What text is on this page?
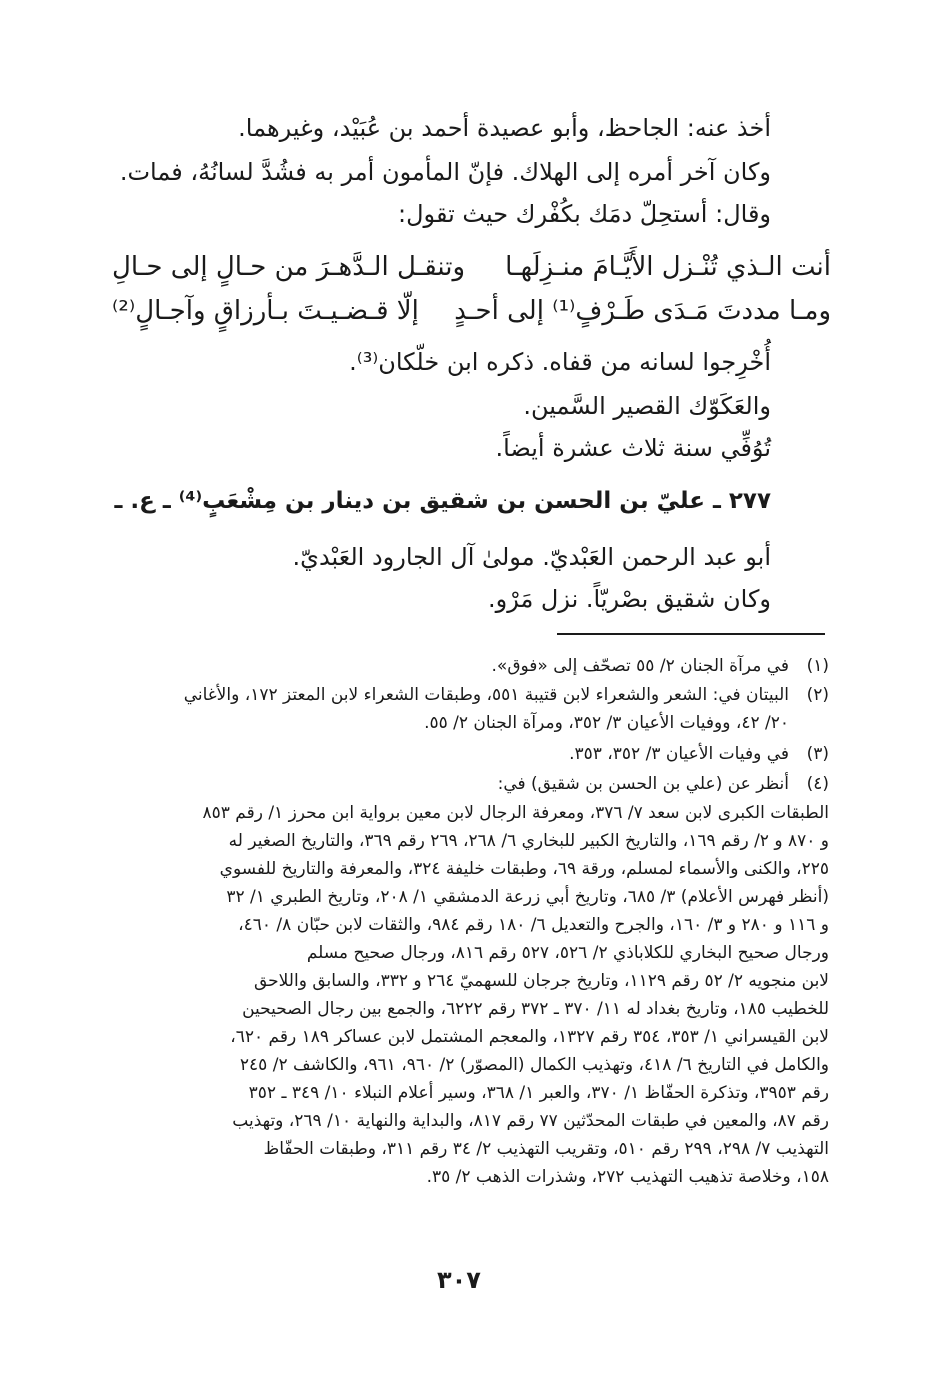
أخذ عنه: الجاحظ، وأبو عصيدة أحمد بن عُبَيْد، وغيرهما.
وكان آخر أمره إلى الهلاك. فإنّ المأمون أمر به فشُدَّ لسانُهُ، فمات.
وقال: أستحِلّ دمَك بكُفْرك حيث تقول:
أنت الـذي تُنْـزل الأَيَّـامَ منـزِلَهـا
وتنقـل الـدَّهـرَ من حـالٍ إلى حـالِ
ومـا مددتَ مَـدَى طَـرْفٍ⁽¹⁾ إلى أحـدٍ
إلّا قـضـيـتَ بـأرزاقٍ وآجـالٍ⁽²⁾
أُخْرِجوا لسانه من قفاه. ذكره ابن خلّكان⁽³⁾.
والعَكَوّك القصير السَّمين.
تُوُفِّي سنة ثلاث عشرة أيضاً.
٢٧٧ ـ عليّ بن الحسن بن شقيق بن دينار بن مِشْعَبٍ⁽⁴⁾ ـ ع. ـ
أبو عبد الرحمن العَبْديّ. مولىٰ آل الجارود العَبْديّ.
وكان شقيق بصْريّاً. نزل مَرْو.
(١)
في مرآة الجنان ٢/ ٥٥ تصحّف إلى «فوق».
(٢)
البيتان في: الشعر والشعراء لابن قتيبة ٥٥١، وطبقات الشعراء لابن المعتز ١٧٢، والأغاني
٢٠/ ٤٢، ووفيات الأعيان ٣/ ٣٥٢، ومرآة الجنان ٢/ ٥٥.
(٣)
في وفيات الأعيان ٣/ ٣٥٢، ٣٥٣.
(٤)
أنظر عن (علي بن الحسن بن شقيق) في:
الطبقات الكبرى لابن سعد ٧/ ٣٧٦، ومعرفة الرجال لابن معين برواية ابن محرز ١/ رقم ٨٥٣
و ٨٧٠ و ٢/ رقم ١٦٩، والتاريخ الكبير للبخاري ٦/ ٢٦٨، ٢٦٩ رقم ٣٦٩، والتاريخ الصغير له
٢٢٥، والكنى والأسماء لمسلم، ورقة ٦٩، وطبقات خليفة ٣٢٤، والمعرفة والتاريخ للفسوي
(أنظر فهرس الأعلام) ٣/ ٦٨٥، وتاريخ أبي زرعة الدمشقي ١/ ٢٠٨، وتاريخ الطبري ١/ ٣٢
و ١١٦ و ٢٨٠ و ٣/ ١٦٠، والجرح والتعديل ٦/ ١٨٠ رقم ٩٨٤، والثقات لابن حبّان ٨/ ٤٦٠،
ورجال صحيح البخاري للكلاباذي ٢/ ٥٢٦، ٥٢٧ رقم ٨١٦، ورجال صحيح مسلم
لابن منجويه ٢/ ٥٢ رقم ١١٢٩، وتاريخ جرجان للسهميّ ٢٦٤ و ٣٣٢، والسابق واللاحق
للخطيب ١٨٥، وتاريخ بغداد له ١١/ ٣٧٠ ـ ٣٧٢ رقم ٦٢٢٢، والجمع بين رجال الصحيحين
لابن القيسراني ١/ ٣٥٣، ٣٥٤ رقم ١٣٢٧، والمعجم المشتمل لابن عساكر ١٨٩ رقم ٦٢٠،
والكامل في التاريخ ٦/ ٤١٨، وتهذيب الكمال (المصوّر) ٢/ ٩٦٠، ٩٦١، والكاشف ٢/ ٢٤٥
رقم ٣٩٥٣، وتذكرة الحفّاظ ١/ ٣٧٠، والعبر ١/ ٣٦٨، وسير أعلام النبلاء ١٠/ ٣٤٩ ـ ٣٥٢
رقم ٨٧، والمعين في طبقات المحدّثين ٧٧ رقم ٨١٧، والبداية والنهاية ١٠/ ٢٦٩، وتهذيب
التهذيب ٧/ ٢٩٨، ٢٩٩ رقم ٥١٠، وتقريب التهذيب ٢/ ٣٤ رقم ٣١١، وطبقات الحفّاظ
١٥٨، وخلاصة تذهيب التهذيب ٢٧٢، وشذرات الذهب ٢/ ٣٥.
٣٠٧
